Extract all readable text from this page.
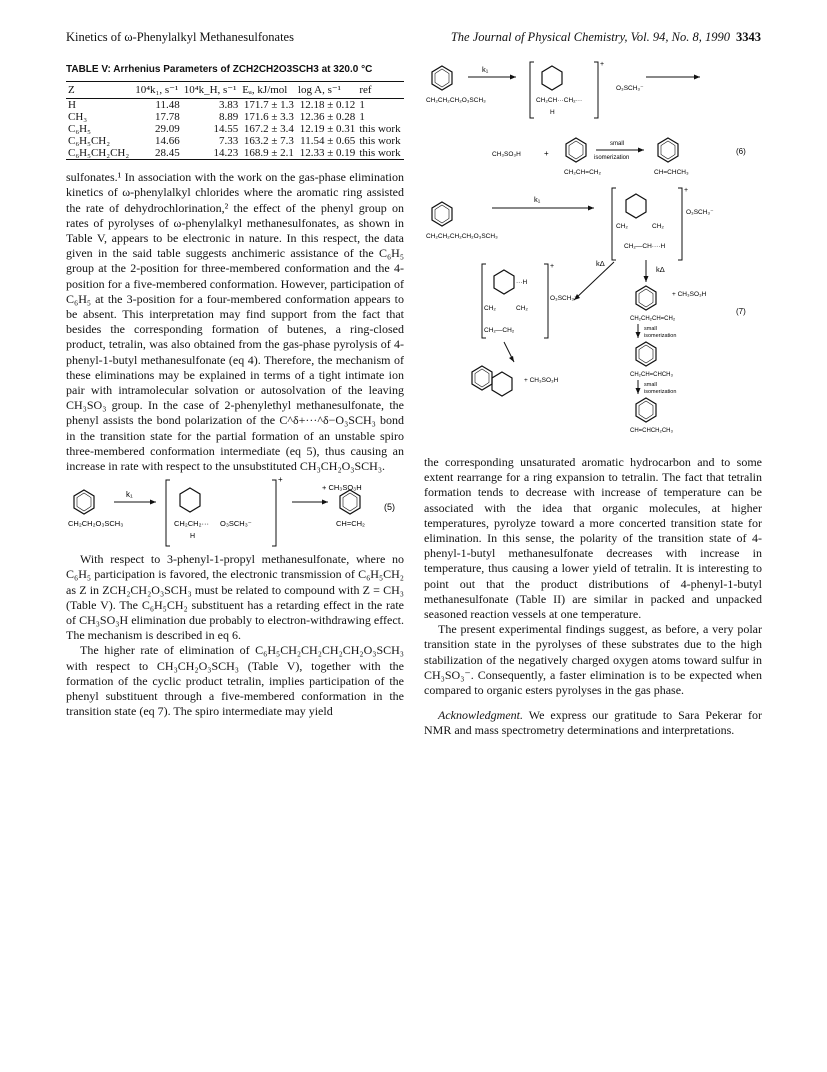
Kinetics of ω-Phenylalkyl Methanesulfonates	The Journal of Physical Chemistry, Vol. 94, No. 8, 1990 3343
TABLE V: Arrhenius Parameters of ZCH2CH2O3SCH3 at 320.0 °C
Z	10⁴k₁, s⁻¹	10⁴k_H, s⁻¹	Eₐ, kJ/mol	log A, s⁻¹	ref
H	11.48	3.83	171.7 ± 1.3	12.18 ± 0.12	1
CH₃	17.78	8.89	171.6 ± 3.3	12.36 ± 0.28	1
C₆H₅	29.09	14.55	167.2 ± 3.4	12.19 ± 0.31	this work
C₆H₅CH₂	14.66	7.33	163.2 ± 7.3	11.54 ± 0.65	this work
C₆H₅CH₂CH₂	28.45	14.23	168.9 ± 2.1	12.33 ± 0.19	this work

sulfonates.¹ In association with the work on the gas-phase elimination kinetics of ω-phenylalkyl chlorides where the aromatic ring assisted the rate of dehydrochlorination,² the effect of the phenyl group on rates of pyrolyses of ω-phenylalkyl methanesulfonates, as shown in Table V, appears to be electronic in nature. In this respect, the data given in the said table suggests anchimeric assistance of the C₆H₅ group at the 2-position for three-membered conformation and the 4-position for a five-membered conformation. However, participation of C₆H₅ at the 3-position for a four-membered conformation appears to be absent. This interpretation may find support from the fact that besides the corresponding formation of butenes, a ring-closed product, tetralin, was also obtained from the gas-phase pyrolysis of 4-phenyl-1-butyl methanesulfonate (eq 4). Therefore, the mechanism of these eliminations may be explained in terms of a tight intimate ion pair with intramolecular solvation or autosolvation of the leaving CH₃SO₃ group. In the case of 2-phenylethyl methanesulfonate, the phenyl assists the bond polarization of the C^δ+···^δ−O₃SCH₃ bond in the transition state for the partial formation of an unstable spiro three-membered conformation intermediate (eq 5), thus causing an increase in rate with respect to the unsubstituted CH₃CH₂O₃SCH₃.

CH₂CH₂O₃SCH₃
k₁
+
CH₂CH₂··· O₃SCH₃⁻
H
CH=CH₂
+ CH₃SO₃H
(5)

With respect to 3-phenyl-1-propyl methanesulfonate, where no C₆H₅ participation is favored, the electronic transmission of C₆H₅CH₂ as Z in ZCH₂CH₂O₃SCH₃ must be related to compound with Z = CH₃ (Table V). The C₆H₅CH₂ substituent has a retarding effect in the rate of CH₃SO₃H elimination due probably to electron-withdrawing effect. The mechanism is described in eq 6.

The higher rate of elimination of C₆H₅CH₂CH₂CH₂CH₂O₃SCH₃ with respect to CH₃CH₂O₃SCH₃ (Table V), together with the formation of the cyclic product tetralin, implies participation of the phenyl substituent through a five-membered conformation in the transition state (eq 7). The spiro intermediate may yield

CH₂CH₂CH₂O₃SCH₃
k₁
+
CH₂CH···CH₂···
H
O₃SCH₃⁻
CH₃SO₃H	+
CH₂CH=CH₂
small
isomerization
CH=CHCH₃
(6)
CH₂CH₂CH₂CH₂O₃SCH₃
k₁
+
CH₂	CH₂
CH₂—CH····H
O₃SCH₃⁻
kΔ
kΔ
+
···H
O₃SCH₃⁻
CH₂	CH₂
CH₂—CH₂
+ CH₃SO₃H
+ CH₃SO₃H
CH₂CH₂CH=CH₂
(7)
small
isomerization
CH₂CH=CHCH₃
small
isomerization
CH=CHCH₂CH₃

the corresponding unsaturated aromatic hydrocarbon and to some extent rearrange for a ring expansion to tetralin. The fact that tetralin formation tends to decrease with increase of temperature can be associated with the idea that organic molecules, at higher temperatures, pyrolyze toward a more concerted transition state for elimination. In this sense, the polarity of the transition state of 4-phenyl-1-butyl methanesulfonate decreases with increase in temperature, thus causing a lower yield of tetralin. It is interesting to point out that the product distributions of 4-phenyl-1-butyl methanesulfonate (Table II) are similar in packed and unpacked seasoned reaction vessels at one temperature.

The present experimental findings suggest, as before, a very polar transition state in the pyrolyses of these substrates due to the high stabilization of the negatively charged oxygen atoms toward sulfur in CH₃SO₃⁻. Consequently, a faster elimination is to be expected when compared to organic esters pyrolyses in the gas phase.

Acknowledgment. We express our gratitude to Sara Pekerar for NMR and mass spectrometry determinations and interpretations.
